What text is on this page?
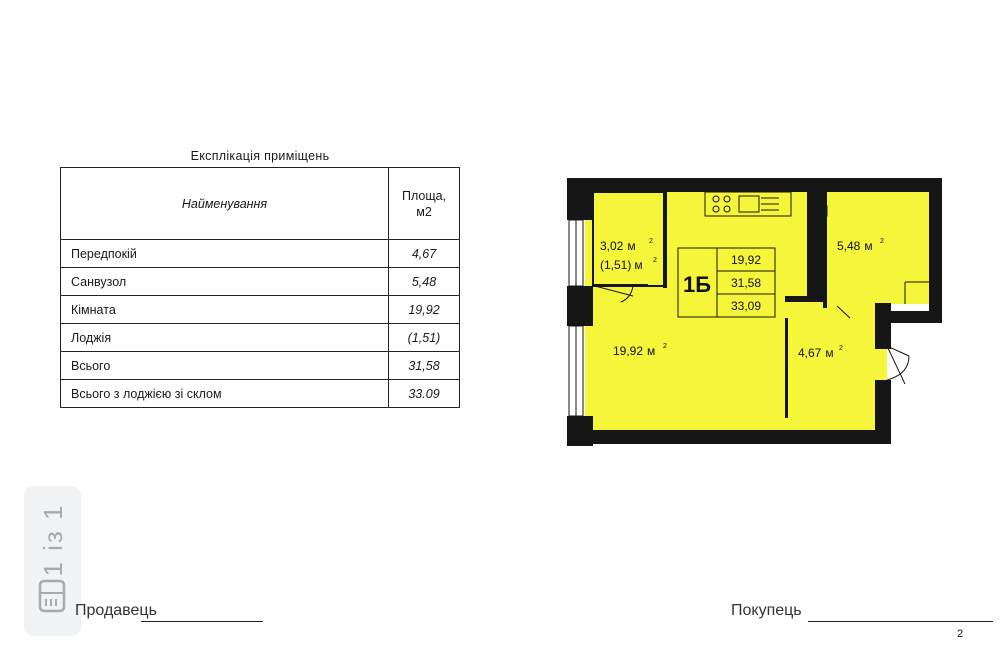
Експлікація приміщень
Найменування	Площа,
м2
Передпокій	4,67
Санвузол	5,48
Кімната	19,92
Лоджія	(1,51)
Всього	31,58
Всього з лоджією зі склом	33.09
1Б
19,92
31,58
33,09
3,02 м 2
(1,51) м 2
19,92 м 2
5,48 м 2
4,67 м 2
1 із 1
Продавець	Покупець
2
